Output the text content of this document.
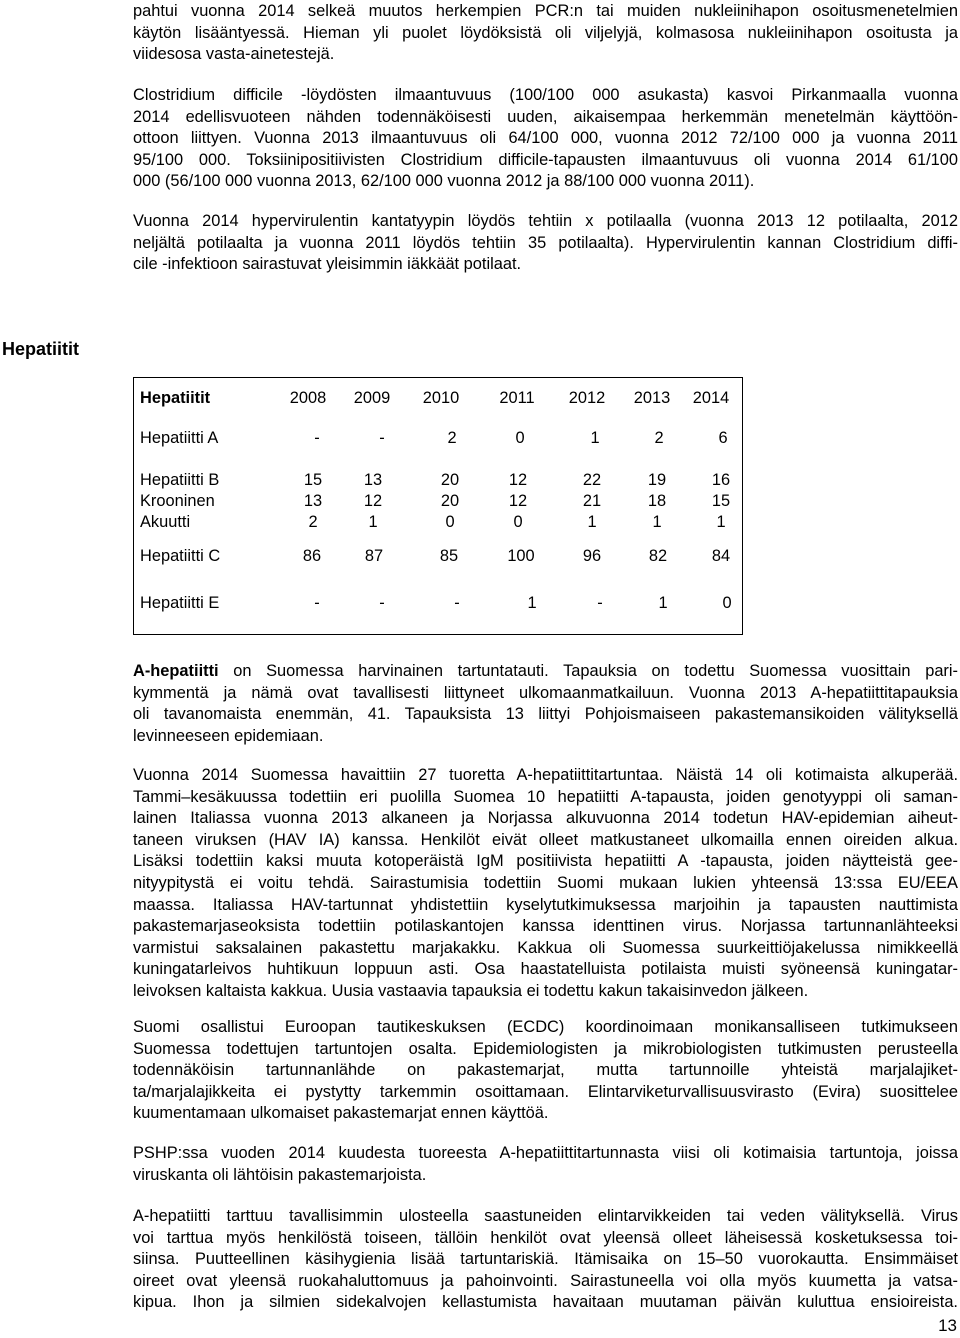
pahtui vuonna 2014 selkeä muutos herkempien PCR:n tai muiden nukleiinihapon osoitusmenetelmien
käytön lisääntyessä. Hieman yli puolet löydöksistä oli viljelyjä, kolmasosa nukleiinihapon osoitusta ja
viidesosa vasta-ainetestejä.
Clostridium difficile -löydösten ilmaantuvuus (100/100 000 asukasta) kasvoi Pirkanmaalla vuonna
2014 edellisvuoteen nähden todennäköisesti uuden, aikaisempaa herkemmän menetelmän käyttöön-
ottoon liittyen. Vuonna 2013 ilmaantuvuus oli 64/100 000, vuonna 2012 72/100 000 ja vuonna 2011
95/100 000. Toksiinipositiivisten Clostridium difficile-tapausten ilmaantuvuus oli vuonna 2014 61/100
000 (56/100 000 vuonna 2013, 62/100 000 vuonna 2012 ja 88/100 000 vuonna 2011).
Vuonna 2014 hypervirulentin kantatyypin löydös tehtiin x potilaalla (vuonna 2013 12 potilaalta, 2012
neljältä potilaalta ja vuonna 2011 löydös tehtiin 35 potilaalta). Hypervirulentin kannan Clostridium diffi-
cile -infektioon sairastuvat yleisimmin iäkkäät potilaat.
Hepatiitit
Hepatiitit	2008	2009	2010	2011	2012	2013	2014
Hepatiitti A	-	-	2	0	1	2	6
Hepatiitti B	15	13	20	12	22	19	16
Krooninen	13	12	20	12	21	18	15
Akuutti	2	1	0	0	1	1	1
Hepatiitti C	86	87	85	100	96	82	84
Hepatiitti E	-	-	-	1	-	1	0
A-hepatiitti on Suomessa harvinainen tartuntatauti. Tapauksia on todettu Suomessa vuosittain pari-
kymmentä ja nämä ovat tavallisesti liittyneet ulkomaanmatkailuun. Vuonna 2013 A-hepatiittitapauksia
oli tavanomaista enemmän, 41. Tapauksista 13 liittyi Pohjoismaiseen pakastemansikoiden välityksellä
levinneeseen epidemiaan.
Vuonna 2014 Suomessa havaittiin 27 tuoretta A-hepatiittitartuntaa. Näistä 14 oli kotimaista alkuperää.
Tammi–kesäkuussa todettiin eri puolilla Suomea 10 hepatiitti A-tapausta, joiden genotyyppi oli saman-
lainen Italiassa vuonna 2013 alkaneen ja Norjassa alkuvuonna 2014 todetun HAV-epidemian aiheut-
taneen viruksen (HAV IA) kanssa. Henkilöt eivät olleet matkustaneet ulkomailla ennen oireiden alkua.
Lisäksi todettiin kaksi muuta kotoperäistä IgM positiivista hepatiitti A -tapausta, joiden näytteistä gee-
nityypitystä ei voitu tehdä. Sairastumisia todettiin Suomi mukaan lukien yhteensä 13:ssa EU/EEA
maassa. Italiassa HAV-tartunnat yhdistettiin kyselytutkimuksessa marjoihin ja tapausten nauttimista
pakastemarjaseoksista todettiin potilaskantojen kanssa identtinen virus. Norjassa tartunnanlähteeksi
varmistui saksalainen pakastettu marjakakku. Kakkua oli Suomessa suurkeittiöjakelussa nimikkeellä
kuningatarleivos huhtikuun loppuun asti. Osa haastatelluista potilaista muisti syöneensä kuningatar-
leivoksen kaltaista kakkua. Uusia vastaavia tapauksia ei todettu kakun takaisinvedon jälkeen.
Suomi osallistui Euroopan tautikeskuksen (ECDC) koordinoimaan monikansalliseen tutkimukseen
Suomessa todettujen tartuntojen osalta. Epidemiologisten ja mikrobiologisten tutkimusten perusteella
todennäköisin tartunnanlähde on pakastemarjat, mutta tartunnoille yhteistä marjalajiket-
ta/marjalajikkeita ei pystytty tarkemmin osoittamaan. Elintarviketurvallisuusvirasto (Evira) suosittelee
kuumentamaan ulkomaiset pakastemarjat ennen käyttöä.
PSHP:ssa vuoden 2014 kuudesta tuoreesta A-hepatiittitartunnasta viisi oli kotimaisia tartuntoja, joissa
viruskanta oli lähtöisin pakastemarjoista.
A-hepatiitti tarttuu tavallisimmin ulosteella saastuneiden elintarvikkeiden tai veden välityksellä. Virus
voi tarttua myös henkilöstä toiseen, tällöin henkilöt ovat yleensä olleet läheisessä kosketuksessa toi-
siinsa. Puutteellinen käsihygienia lisää tartuntariskiä. Itämisaika on 15–50 vuorokautta. Ensimmäiset
oireet ovat yleensä ruokahaluttomuus ja pahoinvointi. Sairastuneella voi olla myös kuumetta ja vatsa-
kipua. Ihon ja silmien sidekalvojen kellastumista havaitaan muutaman päivän kuluttua ensioireista.
13
